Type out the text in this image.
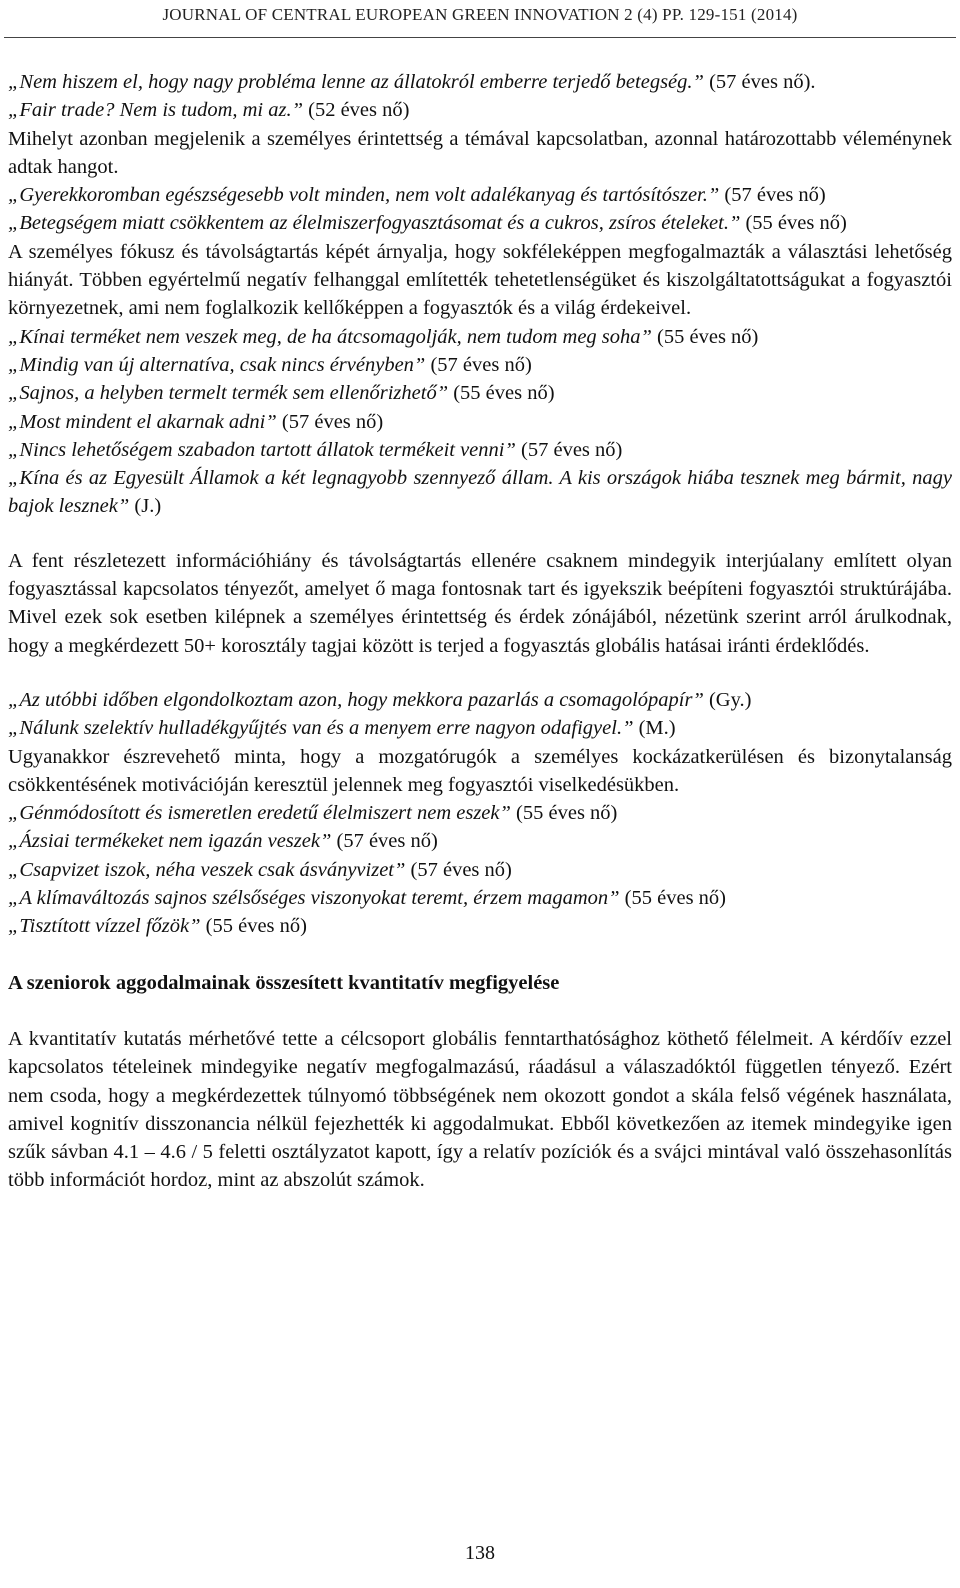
JOURNAL OF CENTRAL EUROPEAN GREEN INNOVATION 2 (4) PP. 129-151 (2014)

„Nem hiszem el, hogy nagy probléma lenne az állatokról emberre terjedő betegség.” (57 éves nő).

„Fair trade? Nem is tudom, mi az.” (52 éves nő)

Mihelyt azonban megjelenik a személyes érintettség a témával kapcsolatban, azonnal határozottabb véleménynek adtak hangot.

„Gyerekkoromban egészségesebb volt minden, nem volt adalékanyag és tartósítószer.” (57 éves nő)

„Betegségem miatt csökkentem az élelmiszerfogyasztásomat és a cukros, zsíros ételeket.” (55 éves nő)

A személyes fókusz és távolságtartás képét árnyalja, hogy sokféleképpen megfogalmazták a választási lehetőség hiányát. Többen egyértelmű negatív felhanggal említették tehetetlenségüket és kiszolgáltatottságukat a fogyasztói környezetnek, ami nem foglalkozik kellőképpen a fogyasztók és a világ érdekeivel.

„Kínai terméket nem veszek meg, de ha átcsomagolják, nem tudom meg soha” (55 éves nő)

„Mindig van új alternatíva, csak nincs érvényben” (57 éves nő)

„Sajnos, a helyben termelt termék sem ellenőrizhető” (55 éves nő)

„Most mindent el akarnak adni” (57 éves nő)

„Nincs lehetőségem szabadon tartott állatok termékeit venni” (57 éves nő)

„Kína és az Egyesült Államok a két legnagyobb szennyező állam. A kis országok hiába tesznek meg bármit, nagy bajok lesznek” (J.)

A fent részletezett információhiány és távolságtartás ellenére csaknem mindegyik interjúalany említett olyan fogyasztással kapcsolatos tényezőt, amelyet ő maga fontosnak tart és igyekszik beépíteni fogyasztói struktúrájába. Mivel ezek sok esetben kilépnek a személyes érintettség és érdek zónájából, nézetünk szerint arról árulkodnak, hogy a megkérdezett 50+ korosztály tagjai között is terjed a fogyasztás globális hatásai iránti érdeklődés.

„Az utóbbi időben elgondolkoztam azon, hogy mekkora pazarlás a csomagolópapír” (Gy.)

„Nálunk szelektív hulladékgyűjtés van és a menyem erre nagyon odafigyel.” (M.)

Ugyanakkor észrevehető minta, hogy a mozgatórugók a személyes kockázatkerülésen és bizonytalanság csökkentésének motivációján keresztül jelennek meg fogyasztói viselkedésükben.

„Génmódosított és ismeretlen eredetű élelmiszert nem eszek” (55 éves nő)

„Ázsiai termékeket nem igazán veszek” (57 éves nő)

„Csapvizet iszok, néha veszek csak ásványvizet” (57 éves nő)

„A klímaváltozás sajnos szélsőséges viszonyokat teremt, érzem magamon” (55 éves nő)

„Tisztított vízzel főzök” (55 éves nő)

A szeniorok aggodalmainak összesített kvantitatív megfigyelése

A kvantitatív kutatás mérhetővé tette a célcsoport globális fenntarthatósághoz köthető félelmeit. A kérdőív ezzel kapcsolatos tételeinek mindegyike negatív megfogalmazású, ráadásul a válaszadóktól független tényező. Ezért nem csoda, hogy a megkérdezettek túlnyomó többségének nem okozott gondot a skála felső végének használata, amivel kognitív disszonancia nélkül fejezhették ki aggodalmukat. Ebből következően az itemek mindegyike igen szűk sávban 4.1 – 4.6 / 5 feletti osztályzatot kapott, így a relatív pozíciók és a svájci mintával való összehasonlítás több információt hordoz, mint az abszolút számok.

138
